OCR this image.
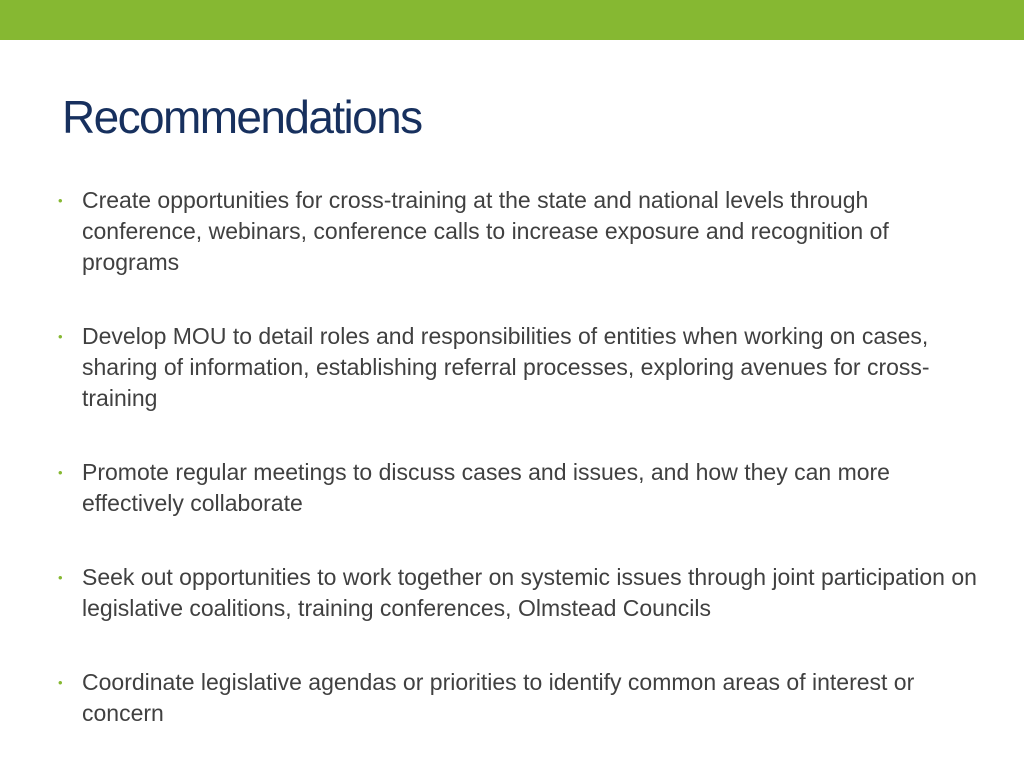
Recommendations
• Create opportunities for cross-training at the state and national levels through conference, webinars, conference calls to increase exposure and recognition of programs
• Develop MOU to detail roles and responsibilities of entities when working on cases, sharing of information, establishing referral processes, exploring avenues for cross-training
• Promote regular meetings to discuss cases and issues, and how they can more effectively collaborate
• Seek out opportunities to work together on systemic issues through joint participation on legislative coalitions, training conferences, Olmstead Councils
• Coordinate legislative agendas or priorities to identify common areas of interest or concern
